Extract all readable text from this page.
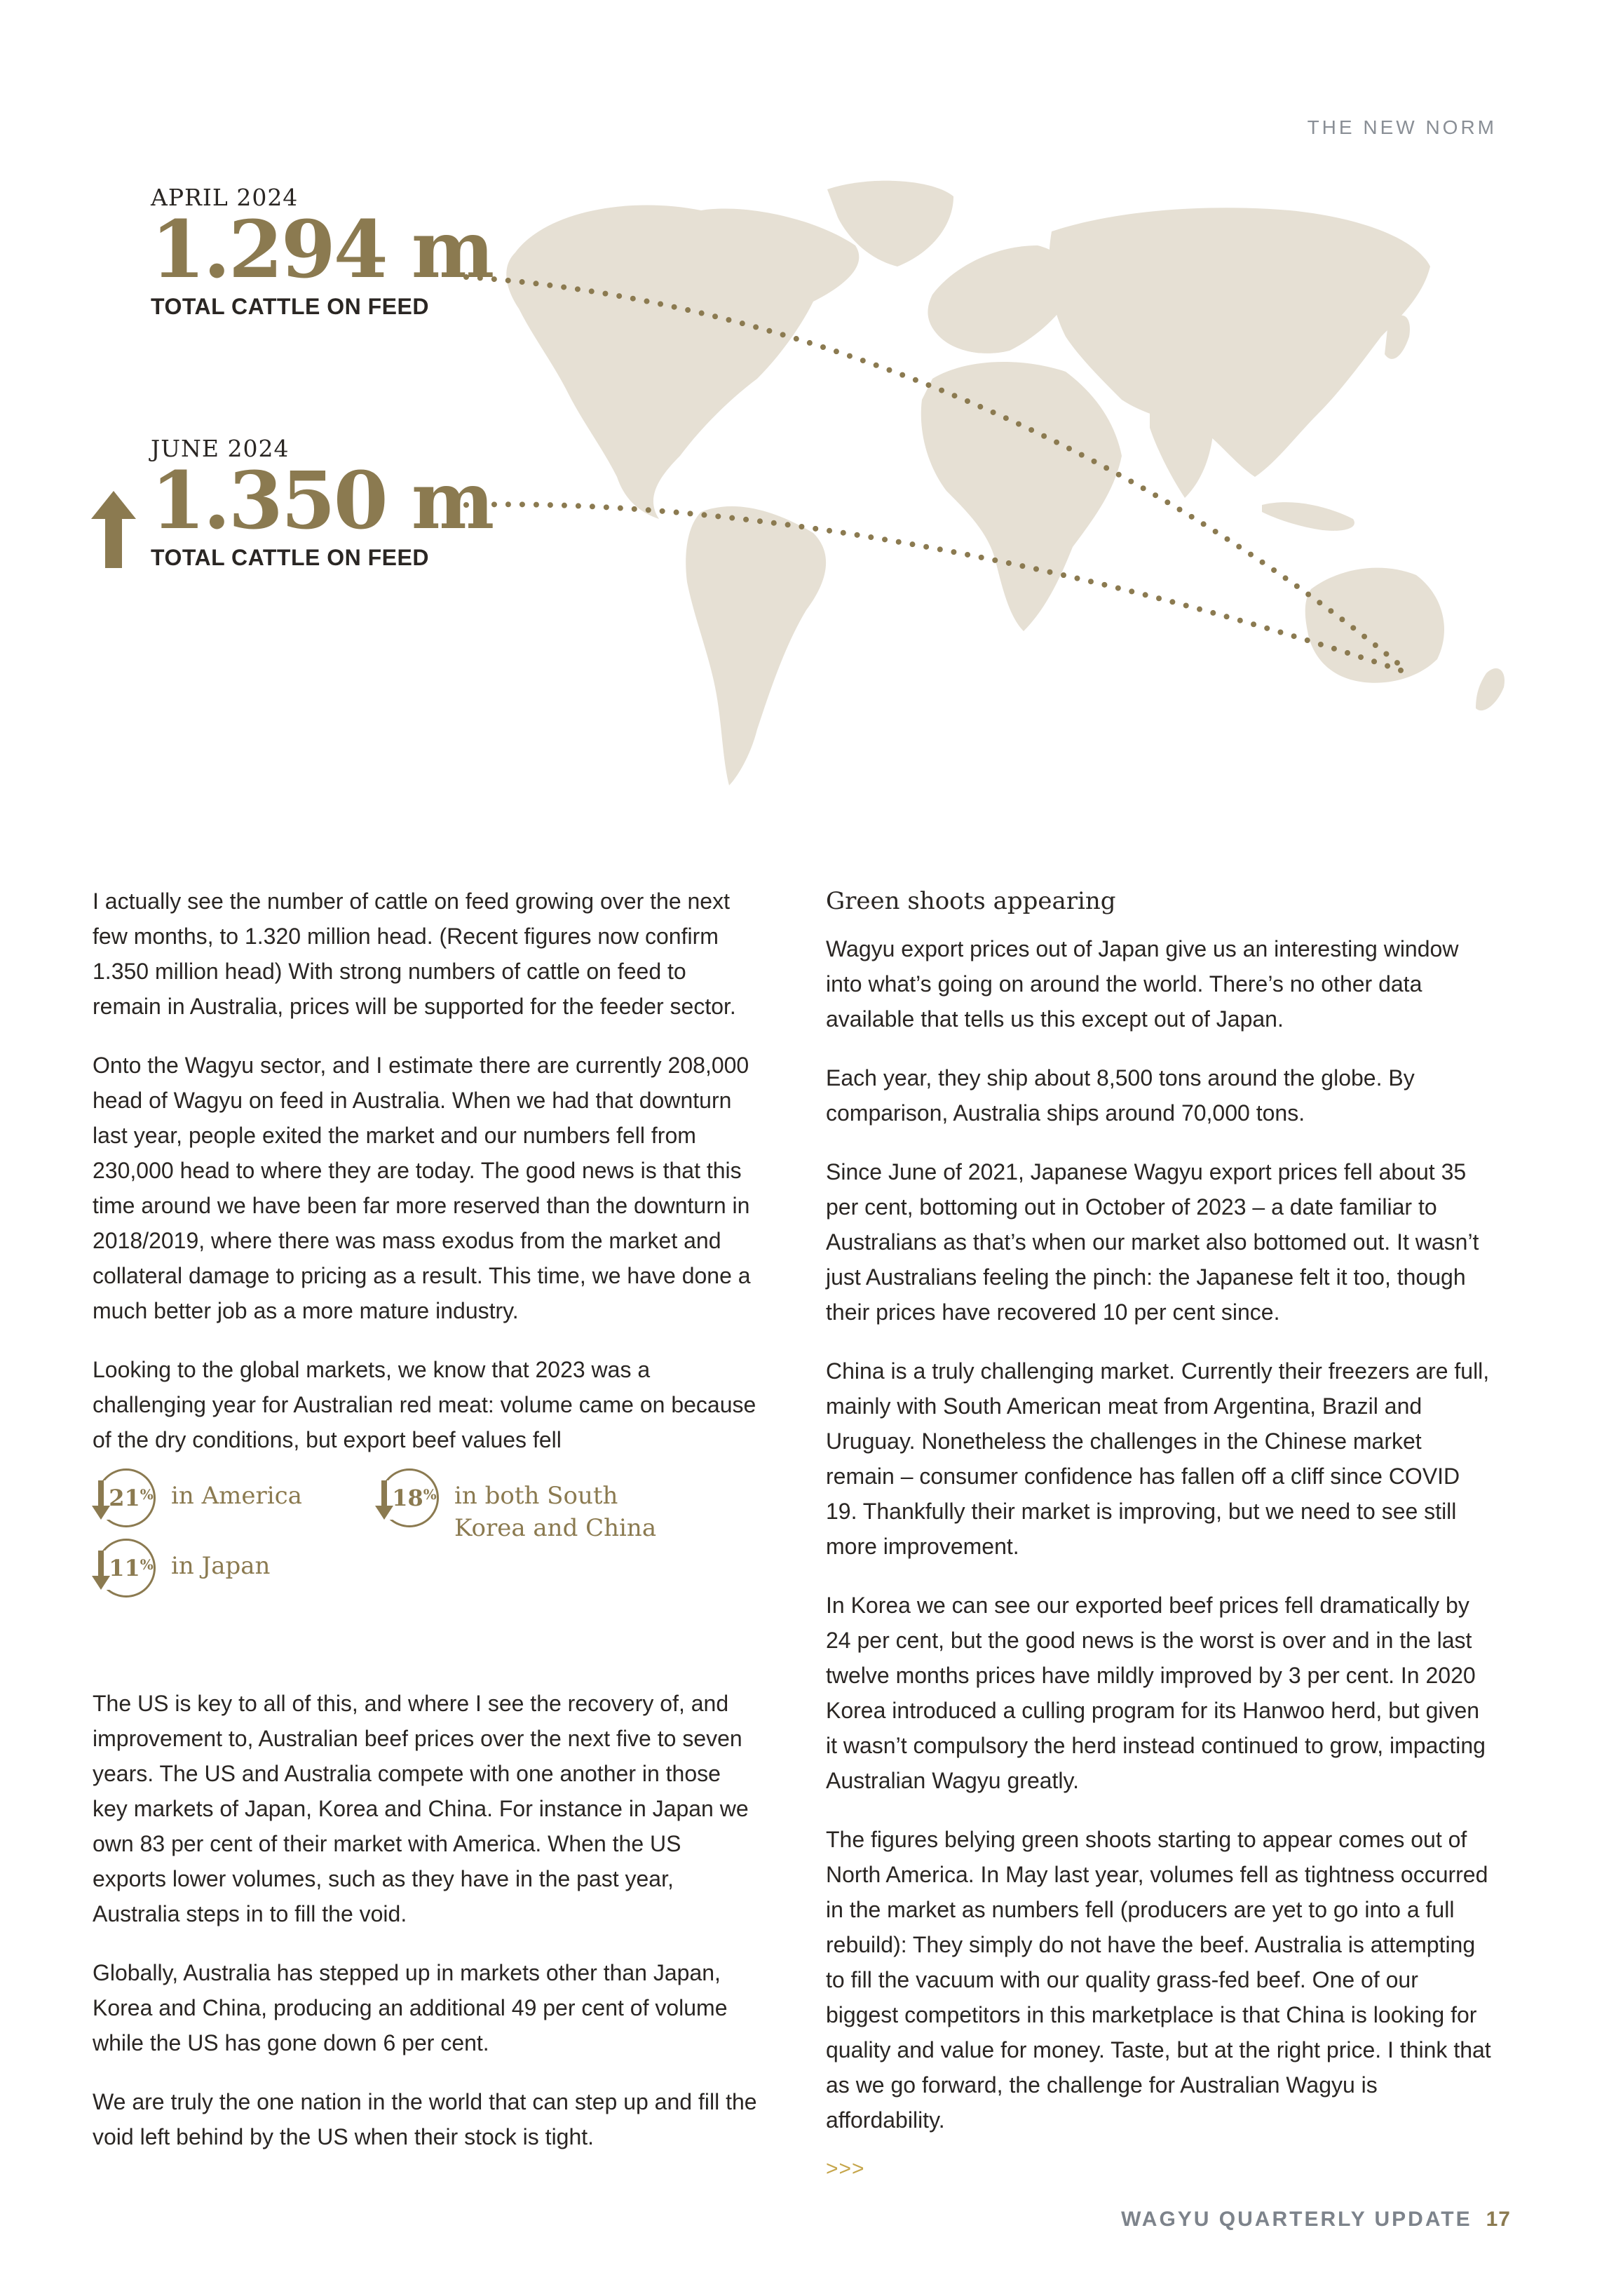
THE NEW NORM
APRIL 2024
1.294 m
TOTAL CATTLE ON FEED
JUNE 2024
1.350 m
TOTAL CATTLE ON FEED

I actually see the number of cattle on feed growing over the next few months, to 1.320 million head. (Recent figures now confirm 1.350 million head) With strong numbers of cattle on feed to remain in Australia, prices will be supported for the feeder sector.

Onto the Wagyu sector, and I estimate there are currently 208,000 head of Wagyu on feed in Australia. When we had that downturn last year, people exited the market and our numbers fell from 230,000 head to where they are today. The good news is that this time around we have been far more reserved than the downturn in 2018/2019, where there was mass exodus from the market and collateral damage to pricing as a result. This time, we have done a much better job as a more mature industry.

Looking to the global markets, we know that 2023 was a challenging year for Australian red meat: volume came on because of the dry conditions, but export beef values fell

21 % in America	18 % in both South Korea and China
11 % in Japan

The US is key to all of this, and where I see the recovery of, and improvement to, Australian beef prices over the next five to seven years. The US and Australia compete with one another in those key markets of Japan, Korea and China. For instance in Japan we own 83 per cent of their market with America. When the US exports lower volumes, such as they have in the past year, Australia steps in to fill the void.

Globally, Australia has stepped up in markets other than Japan, Korea and China, producing an additional 49 per cent of volume while the US has gone down 6 per cent.

We are truly the one nation in the world that can step up and fill the void left behind by the US when their stock is tight.

Green shoots appearing

Wagyu export prices out of Japan give us an interesting window into what’s going on around the world. There’s no other data available that tells us this except out of Japan.

Each year, they ship about 8,500 tons around the globe. By comparison, Australia ships around 70,000 tons.

Since June of 2021, Japanese Wagyu export prices fell about 35 per cent, bottoming out in October of 2023 – a date familiar to Australians as that’s when our market also bottomed out. It wasn’t just Australians feeling the pinch: the Japanese felt it too, though their prices have recovered 10 per cent since.

China is a truly challenging market. Currently their freezers are full, mainly with South American meat from Argentina, Brazil and Uruguay. Nonetheless the challenges in the Chinese market remain – consumer confidence has fallen off a cliff since COVID 19. Thankfully their market is improving, but we need to see still more improvement.

In Korea we can see our exported beef prices fell dramatically by 24 per cent, but the good news is the worst is over and in the last twelve months prices have mildly improved by 3 per cent. In 2020 Korea introduced a culling program for its Hanwoo herd, but given it wasn’t compulsory the herd instead continued to grow, impacting Australian Wagyu greatly.

The figures belying green shoots starting to appear comes out of North America. In May last year, volumes fell as tightness occurred in the market as numbers fell (producers are yet to go into a full rebuild): They simply do not have the beef. Australia is attempting to fill the vacuum with our quality grass-fed beef. One of our biggest competitors in this marketplace is that China is looking for quality and value for money. Taste, but at the right price. I think that as we go forward, the challenge for Australian Wagyu is affordability.

>>>
WAGYU QUARTERLY UPDATE 17
